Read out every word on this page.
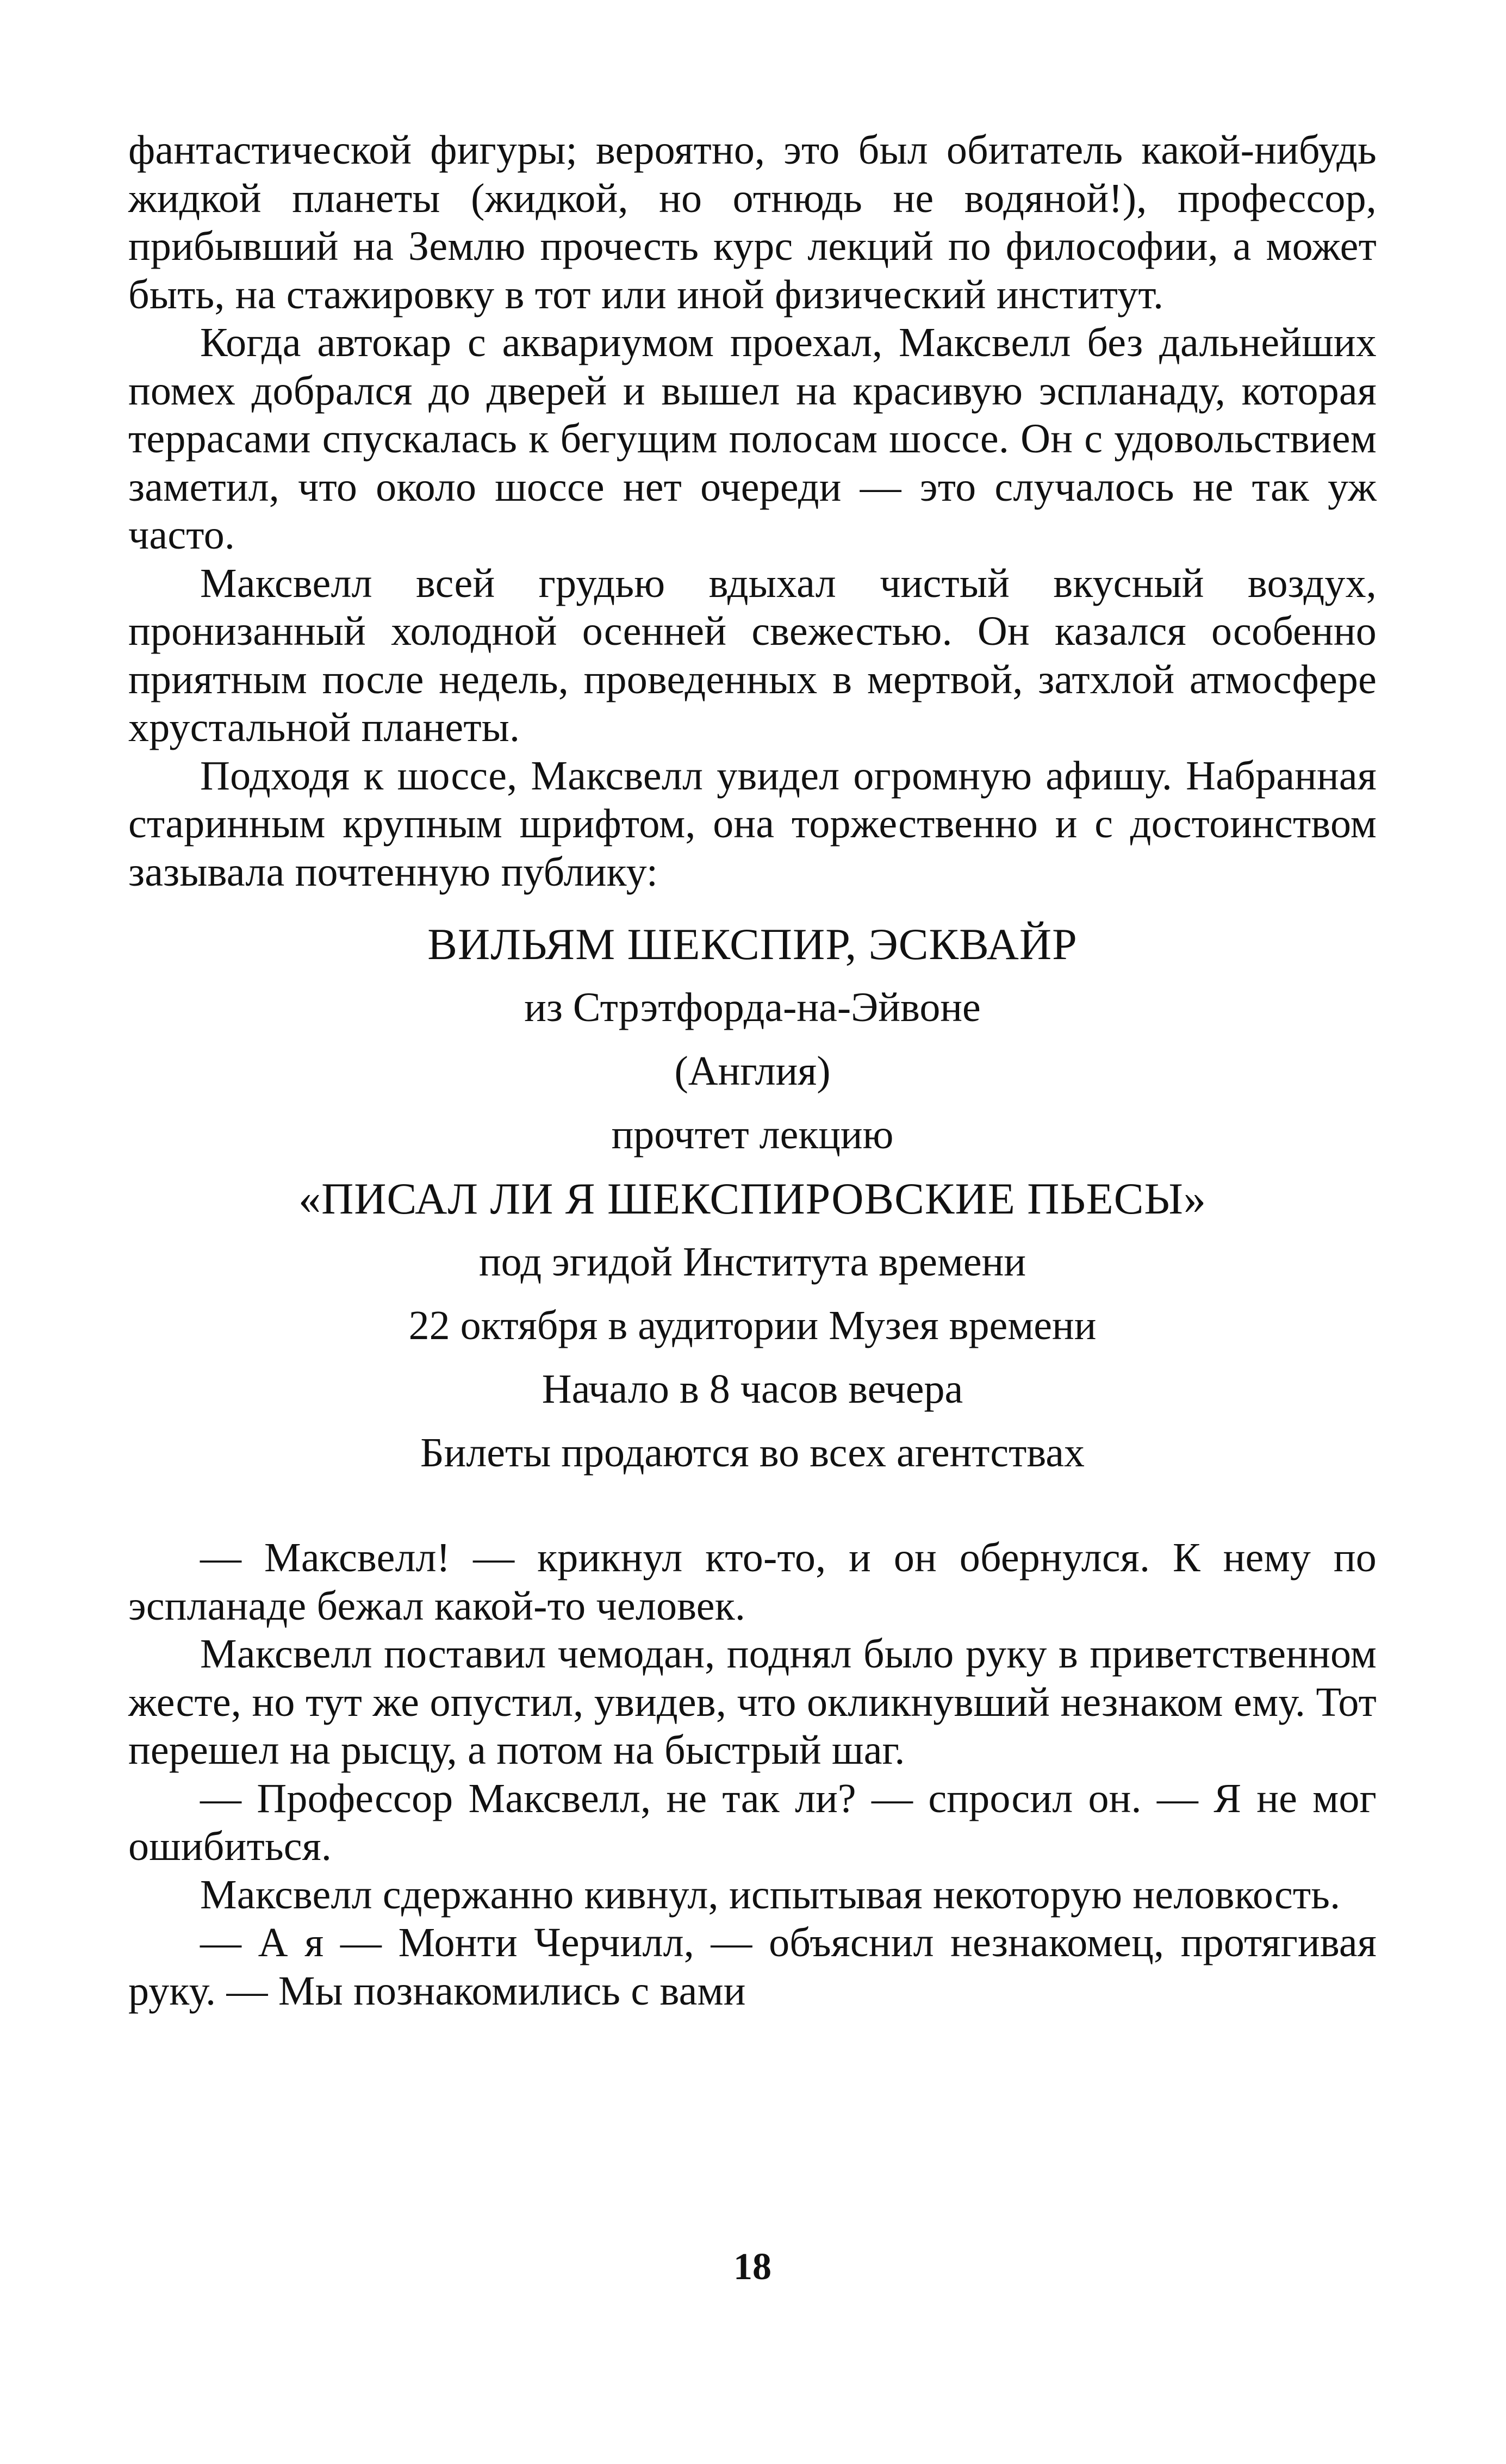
фантастической фигуры; вероятно, это был обитатель какой-нибудь жидкой планеты (жидкой, но отнюдь не водяной!), профессор, прибывший на Землю прочесть курс лекций по философии, а может быть, на стажировку в тот или иной физический институт.

Когда автокар с аквариумом проехал, Максвелл без дальнейших помех добрался до дверей и вышел на красивую эспланаду, которая террасами спускалась к бегущим полосам шоссе. Он с удовольствием заметил, что около шоссе нет очереди — это случалось не так уж часто.

Максвелл всей грудью вдыхал чистый вкусный воздух, пронизанный холодной осенней свежестью. Он казался особенно приятным после недель, проведенных в мертвой, затхлой атмосфере хрустальной планеты.

Подходя к шоссе, Максвелл увидел огромную афишу. Набранная старинным крупным шрифтом, она торжественно и с достоинством зазывала почтенную публику:

ВИЛЬЯМ ШЕКСПИР, ЭСКВАЙР

из Стрэтфорда-на-Эйвоне

(Англия)

прочтет лекцию

«ПИСАЛ ЛИ Я ШЕКСПИРОВСКИЕ ПЬЕСЫ»

под эгидой Института времени

22 октября в аудитории Музея времени

Начало в 8 часов вечера

Билеты продаются во всех агентствах

— Максвелл! — крикнул кто-то, и он обернулся. К нему по эспланаде бежал какой-то человек.

Максвелл поставил чемодан, поднял было руку в приветственном жесте, но тут же опустил, увидев, что окликнувший незнаком ему. Тот перешел на рысцу, а потом на быстрый шаг.

— Профессор Максвелл, не так ли? — спросил он. — Я не мог ошибиться.

Максвелл сдержанно кивнул, испытывая некоторую неловкость.

— А я — Монти Черчилл, — объяснил незнакомец, протягивая руку. — Мы познакомились с вами

18
